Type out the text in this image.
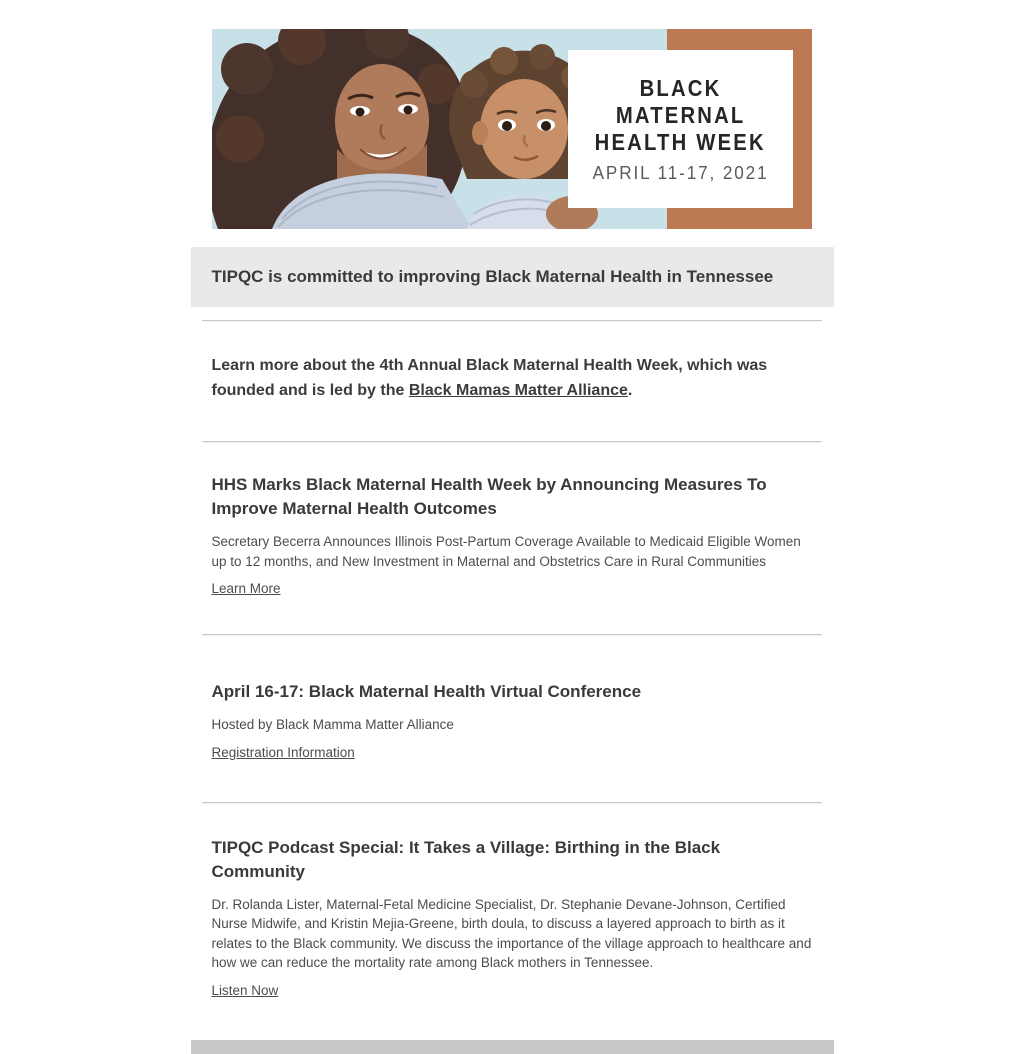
BLACK
MATERNAL
HEALTH WEEK
APRIL 11-17, 2021
TIPQC is committed to improving Black Maternal Health in Tennessee

Learn more about the 4th Annual Black Maternal Health Week, which was founded and is led by the Black Mamas Matter Alliance.

HHS Marks Black Maternal Health Week by Announcing Measures To Improve Maternal Health Outcomes

Secretary Becerra Announces Illinois Post-Partum Coverage Available to Medicaid Eligible Women up to 12 months, and New Investment in Maternal and Obstetrics Care in Rural Communities

Learn More
April 16-17: Black Maternal Health Virtual Conference

Hosted by Black Mamma Matter Alliance

Registration Information
TIPQC Podcast Special: It Takes a Village: Birthing in the Black Community

Dr. Rolanda Lister, Maternal-Fetal Medicine Specialist, Dr. Stephanie Devane-Johnson, Certified Nurse Midwife, and Kristin Mejia-Greene, birth doula, to discuss a layered approach to birth as it relates to the Black community. We discuss the importance of the village approach to healthcare and how we can reduce the mortality rate among Black mothers in Tennessee.

Listen Now
